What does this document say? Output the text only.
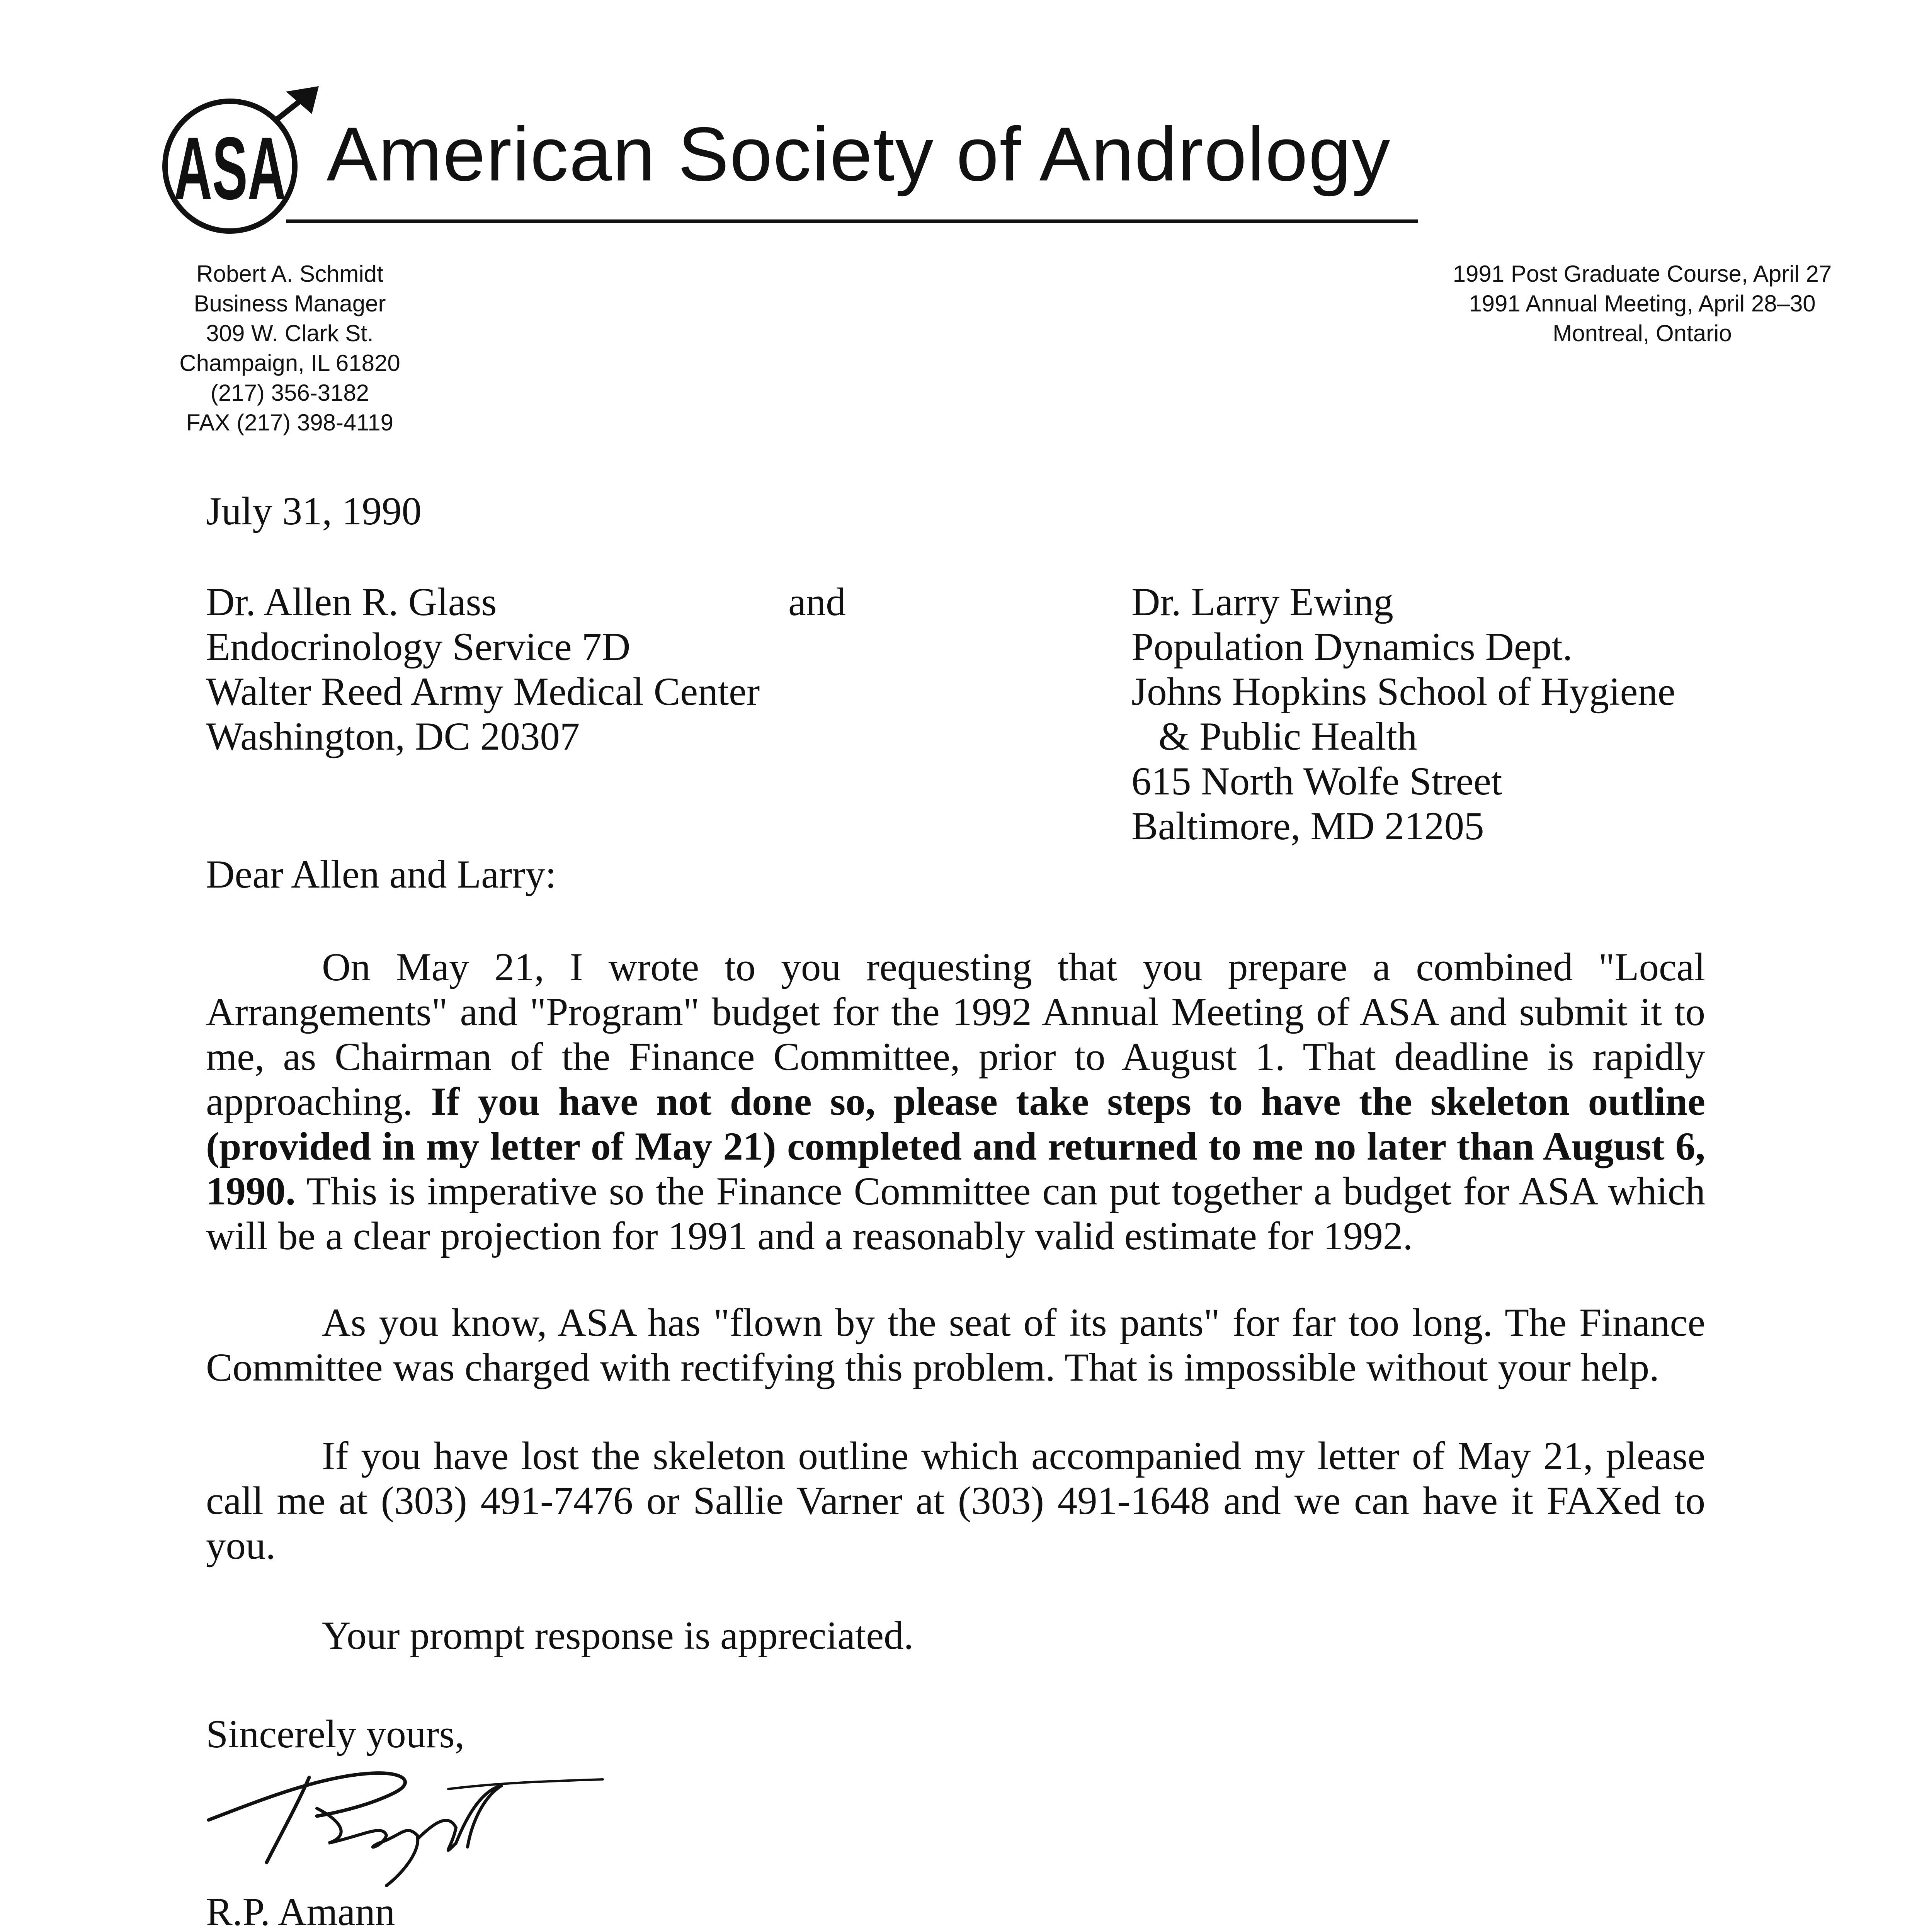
ASA American Society of Andrology
Robert A. Schmidt
Business Manager
309 W. Clark St.
Champaign, IL 61820
(217) 356-3182
FAX (217) 398-4119
1991 Post Graduate Course, April 27
1991 Annual Meeting, April 28–30
Montreal, Ontario
July 31, 1990
Dr. Allen R. Glass
Endocrinology Service 7D
Walter Reed Army Medical Center
Washington, DC 20307
and	Dr. Larry Ewing
Population Dynamics Dept.
Johns Hopkins School of Hygiene
& Public Health
615 North Wolfe Street
Baltimore, MD 21205
Dear Allen and Larry:
On May 21, I wrote to you requesting that you prepare a combined "Local Arrangements" and "Program" budget for the 1992 Annual Meeting of ASA and submit it to me, as Chairman of the Finance Committee, prior to August 1. That deadline is rapidly approaching. If you have not done so, please take steps to have the skeleton outline (provided in my letter of May 21) completed and returned to me no later than August 6, 1990. This is imperative so the Finance Committee can put together a budget for ASA which will be a clear projection for 1991 and a reasonably valid estimate for 1992.
As you know, ASA has "flown by the seat of its pants" for far too long. The Finance Committee was charged with rectifying this problem. That is impossible without your help.
If you have lost the skeleton outline which accompanied my letter of May 21, please call me at (303) 491-7476 or Sallie Varner at (303) 491-1648 and we can have it FAXed to you.
Your prompt response is appreciated.
Sincerely yours,
R.P. Amann
